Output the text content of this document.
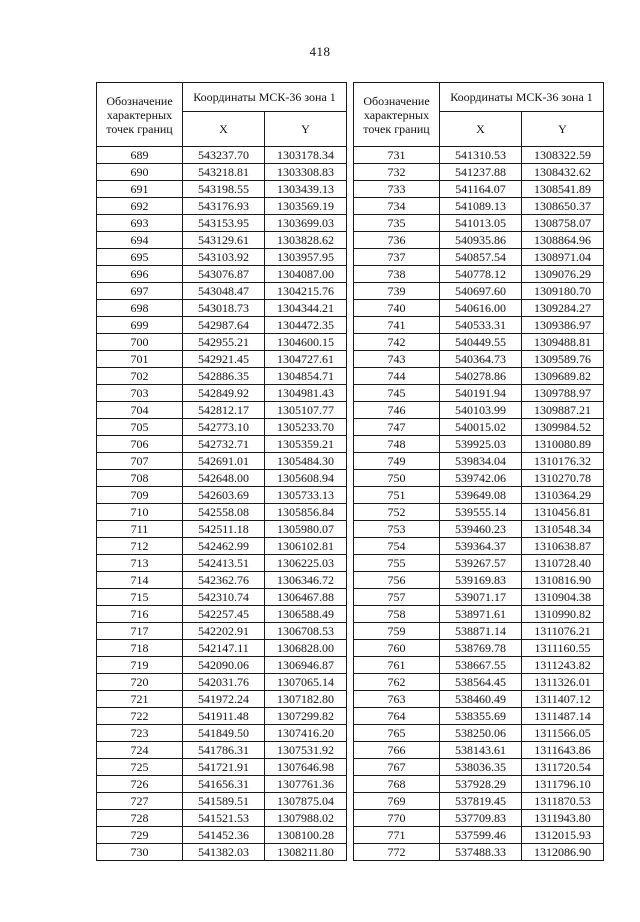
418
Обозначение характерных точек границ	Координаты МСК-36 зона 1	
	X	Y
689	543237.70	1303178.34
690	543218.81	1303308.83
691	543198.55	1303439.13
692	543176.93	1303569.19
693	543153.95	1303699.03
694	543129.61	1303828.62
695	543103.92	1303957.95
696	543076.87	1304087.00
697	543048.47	1304215.76
698	543018.73	1304344.21
699	542987.64	1304472.35
700	542955.21	1304600.15
701	542921.45	1304727.61
702	542886.35	1304854.71
703	542849.92	1304981.43
704	542812.17	1305107.77
705	542773.10	1305233.70
706	542732.71	1305359.21
707	542691.01	1305484.30
708	542648.00	1305608.94
709	542603.69	1305733.13
710	542558.08	1305856.84
711	542511.18	1305980.07
712	542462.99	1306102.81
713	542413.51	1306225.03
714	542362.76	1306346.72
715	542310.74	1306467.88
716	542257.45	1306588.49
717	542202.91	1306708.53
718	542147.11	1306828.00
719	542090.06	1306946.87
720	542031.76	1307065.14
721	541972.24	1307182.80
722	541911.48	1307299.82
723	541849.50	1307416.20
724	541786.31	1307531.92
725	541721.91	1307646.98
726	541656.31	1307761.36
727	541589.51	1307875.04
728	541521.53	1307988.02
729	541452.36	1308100.28
730	541382.03	1308211.80
Обозначение характерных точек границ	Координаты МСК-36 зона 1	
	X	Y
731	541310.53	1308322.59
732	541237.88	1308432.62
733	541164.07	1308541.89
734	541089.13	1308650.37
735	541013.05	1308758.07
736	540935.86	1308864.96
737	540857.54	1308971.04
738	540778.12	1309076.29
739	540697.60	1309180.70
740	540616.00	1309284.27
741	540533.31	1309386.97
742	540449.55	1309488.81
743	540364.73	1309589.76
744	540278.86	1309689.82
745	540191.94	1309788.97
746	540103.99	1309887.21
747	540015.02	1309984.52
748	539925.03	1310080.89
749	539834.04	1310176.32
750	539742.06	1310270.78
751	539649.08	1310364.29
752	539555.14	1310456.81
753	539460.23	1310548.34
754	539364.37	1310638.87
755	539267.57	1310728.40
756	539169.83	1310816.90
757	539071.17	1310904.38
758	538971.61	1310990.82
759	538871.14	1311076.21
760	538769.78	1311160.55
761	538667.55	1311243.82
762	538564.45	1311326.01
763	538460.49	1311407.12
764	538355.69	1311487.14
765	538250.06	1311566.05
766	538143.61	1311643.86
767	538036.35	1311720.54
768	537928.29	1311796.10
769	537819.45	1311870.53
770	537709.83	1311943.80
771	537599.46	1312015.93
772	537488.33	1312086.90
